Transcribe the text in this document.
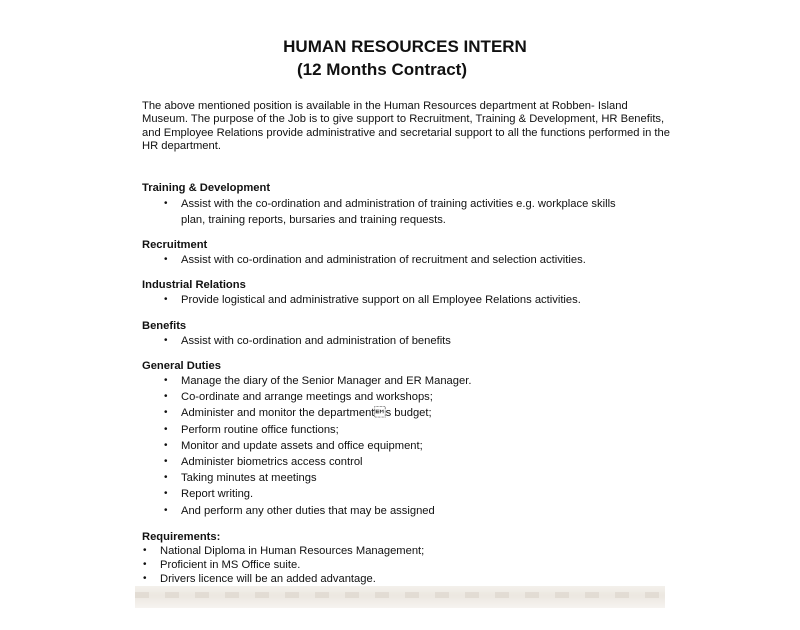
HUMAN RESOURCES INTERN
(12 Months Contract)

The above mentioned position is available in the Human Resources department at Robben- Island Museum. The purpose of the Job is to give support to Recruitment, Training & Development, HR Benefits, and Employee Relations provide administrative and secretarial support to all the functions performed in the HR department.

Training & Development

• Assist with the co-ordination and administration of training activities e.g. workplace skills plan, training reports, bursaries and training requests.

Recruitment

• Assist with co-ordination and administration of recruitment and selection activities.

Industrial Relations

• Provide logistical and administrative support on all Employee Relations activities.

Benefits

• Assist with co-ordination and administration of benefits

General Duties

• Manage the diary of the Senior Manager and ER Manager.
• Co-ordinate and arrange meetings and workshops;
• Administer and monitor the departments budget;
• Perform routine office functions;
• Monitor and update assets and office equipment;
• Administer biometrics access control
• Taking minutes at meetings
• Report writing.
• And perform any other duties that may be assigned

Requirements:

• National Diploma in Human Resources Management;
• Proficient in MS Office suite.
• Drivers licence will be an added advantage.
